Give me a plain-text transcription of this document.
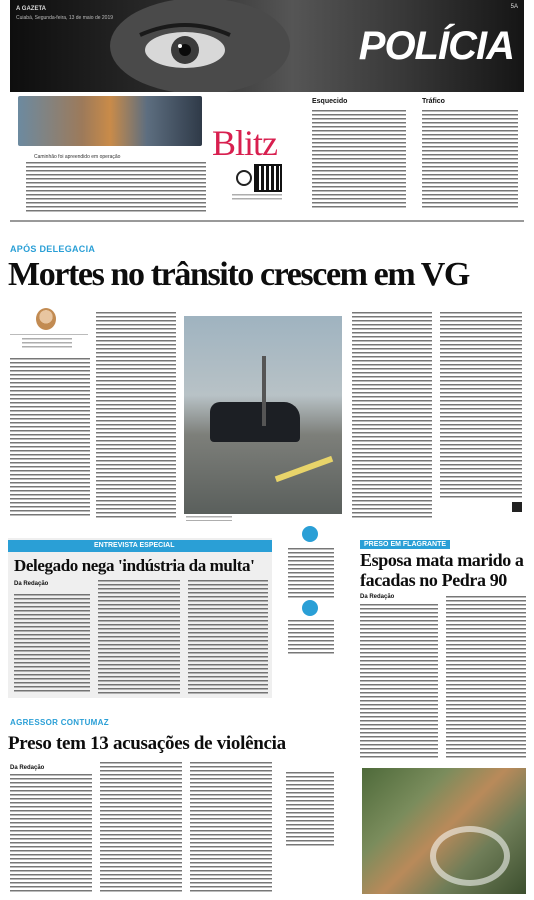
A GAZETA
Cuiabá, Segunda-feira, 13 de maio de 2019
5A
POLÍCIA
Caminhão foi apreendido em operação	Blitz
Esquecido	Tráfico
APÓS DELEGACIA
Mortes no trânsito crescem em VG
ENTREVISTA ESPECIAL
Delegado nega 'indústria da multa'
Da Redação
PRESO EM FLAGRANTE
Esposa mata marido a facadas no Pedra 90
Da Redação
AGRESSOR CONTUMAZ
Preso tem 13 acusações de violência
Da Redação
